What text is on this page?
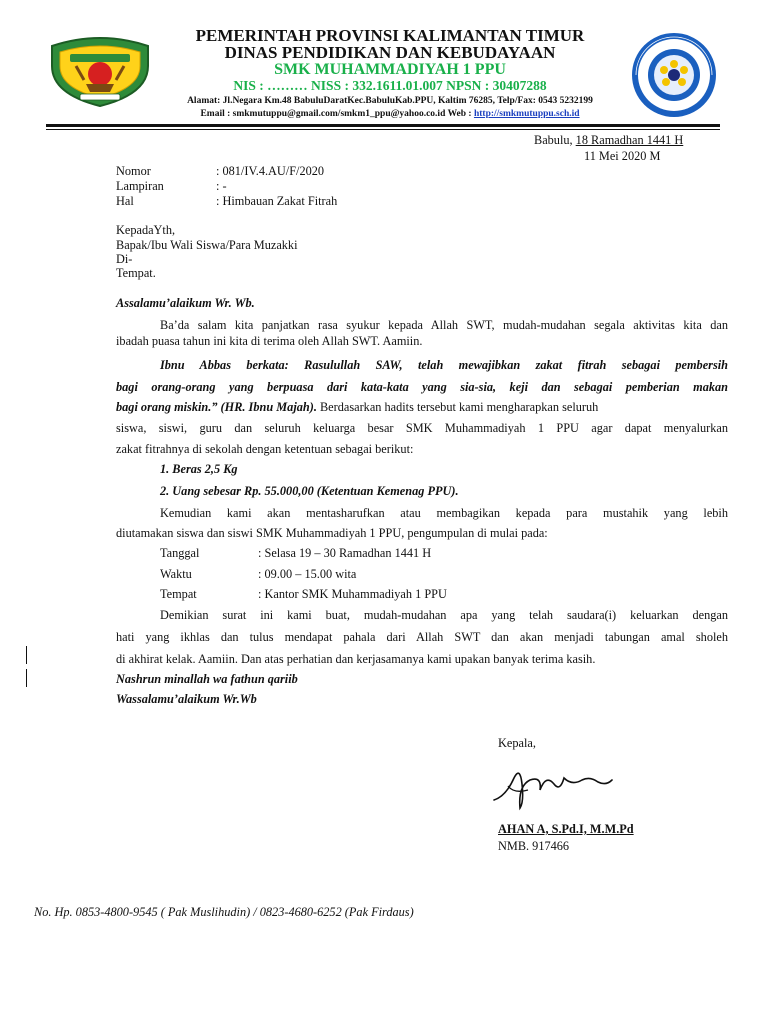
PEMERINTAH PROVINSI KALIMANTAN TIMUR
DINAS PENDIDIKAN DAN KEBUDAYAAN
SMK MUHAMMADIYAH 1 PPU
NIS : ……… NISS : 332.1611.01.007 NPSN : 30407288
Alamat: Jl.Negara Km.48 BabuluDaratKec.BabuluKab.PPU, Kaltim 76285, Telp/Fax: 0543 5232199
Email : smkmutuppu@gmail.com/smkm1_ppu@yahoo.co.id Web : http://smkmutuppu.sch.id
Babulu, 18 Ramadhan 1441 H
11 Mei 2020 M
Nomor	: 081/IV.4.AU/F/2020
Lampiran	: -
Hal	: Himbauan Zakat Fitrah
KepadaYth,
Bapak/Ibu Wali Siswa/Para Muzakki
Di-
Tempat.
Assalamu’alaikum Wr. Wb.
Ba’da salam kita panjatkan rasa syukur kepada Allah SWT, mudah-mudahan segala aktivitas kita dan
ibadah puasa tahun ini kita di terima oleh Allah SWT. Aamiin.
Ibnu Abbas berkata: Rasulullah SAW, telah mewajibkan zakat fitrah sebagai pembersih
bagi orang-orang yang berpuasa dari kata-kata yang sia-sia, keji dan sebagai pemberian makan
bagi orang miskin.” (HR. Ibnu Majah). Berdasarkan hadits tersebut kami mengharapkan seluruh
siswa, siswi, guru dan seluruh keluarga besar SMK Muhammadiyah 1 PPU agar dapat menyalurkan
zakat fitrahnya di sekolah dengan ketentuan sebagai berikut:
1. Beras 2,5 Kg
2. Uang sebesar Rp. 55.000,00 (Ketentuan Kemenag PPU).
Kemudian kami akan mentasharufkan atau membagikan kepada para mustahik yang lebih
diutamakan siswa dan siswi SMK Muhammadiyah 1 PPU, pengumpulan di mulai pada:
Tanggal	: Selasa 19 – 30 Ramadhan 1441 H
Waktu	: 09.00 – 15.00 wita
Tempat	: Kantor SMK Muhammadiyah 1 PPU
Demikian surat ini kami buat, mudah-mudahan apa yang telah saudara(i) keluarkan dengan
hati yang ikhlas dan tulus mendapat pahala dari Allah SWT dan akan menjadi tabungan amal sholeh
di akhirat kelak. Aamiin. Dan atas perhatian dan kerjasamanya kami upakan banyak terima kasih.
Nashrun minallah wa fathun qariib
Wassalamu’alaikum Wr.Wb
Kepala,
AHAN A, S.Pd.I, M.M.Pd
NMB. 917466
No. Hp. 0853-4800-9545 ( Pak Muslihudin) / 0823-4680-6252 (Pak Firdaus)
